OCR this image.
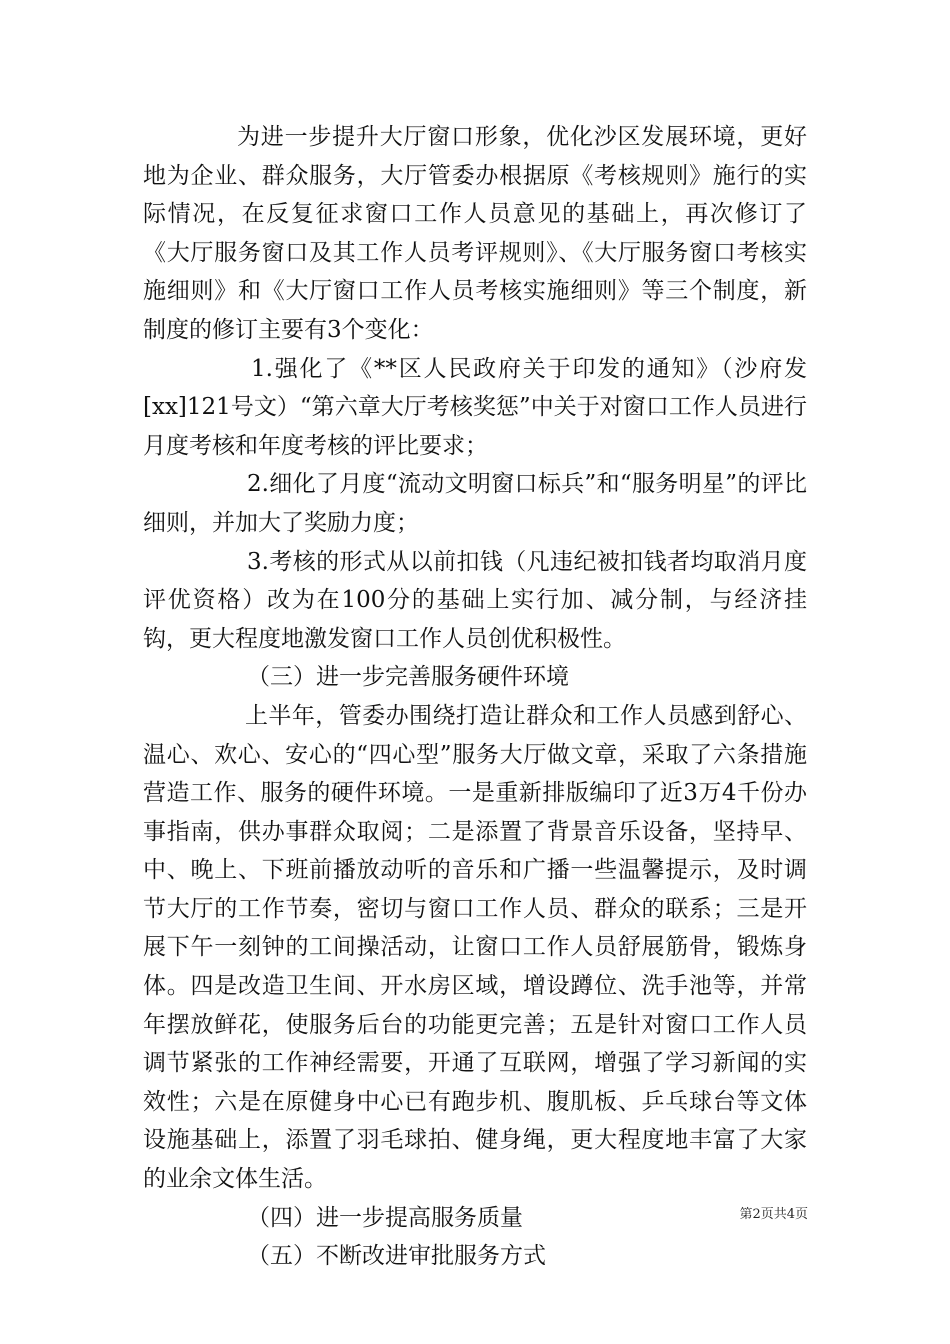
为进一步提升大厅窗口形象，优化沙区发展环境，更好地为企业、群众服务，大厅管委办根据原《考核规则》施行的实际情况，在反复征求窗口工作人员意见的基础上，再次修订了《大厅服务窗口及其工作人员考评规则》、《大厅服务窗口考核实施细则》和《大厅窗口工作人员考核实施细则》等三个制度，新制度的修订主要有3个变化：

1.强化了《**区人民政府关于印发的通知》（沙府发[xx]121号文）“第六章大厅考核奖惩”中关于对窗口工作人员进行月度考核和年度考核的评比要求；

2.细化了月度“流动文明窗口标兵”和“服务明星”的评比细则，并加大了奖励力度；

3.考核的形式从以前扣钱（凡违纪被扣钱者均取消月度评优资格）改为在100分的基础上实行加、减分制，与经济挂钩，更大程度地激发窗口工作人员创优积极性。

（三）进一步完善服务硬件环境

上半年，管委办围绕打造让群众和工作人员感到舒心、温心、欢心、安心的“四心型”服务大厅做文章，采取了六条措施营造工作、服务的硬件环境。一是重新排版编印了近3万4千份办事指南，供办事群众取阅；二是添置了背景音乐设备，坚持早、中、晚上、下班前播放动听的音乐和广播一些温馨提示，及时调节大厅的工作节奏，密切与窗口工作人员、群众的联系；三是开展下午一刻钟的工间操活动，让窗口工作人员舒展筋骨，锻炼身体。四是改造卫生间、开水房区域，增设蹲位、洗手池等，并常年摆放鲜花，使服务后台的功能更完善；五是针对窗口工作人员调节紧张的工作神经需要，开通了互联网，增强了学习新闻的实效性；六是在原健身中心已有跑步机、腹肌板、乒乓球台等文体设施基础上，添置了羽毛球拍、健身绳，更大程度地丰富了大家的业余文体生活。

（四）进一步提高服务质量

（五）不断改进审批服务方式

第2页共4页
